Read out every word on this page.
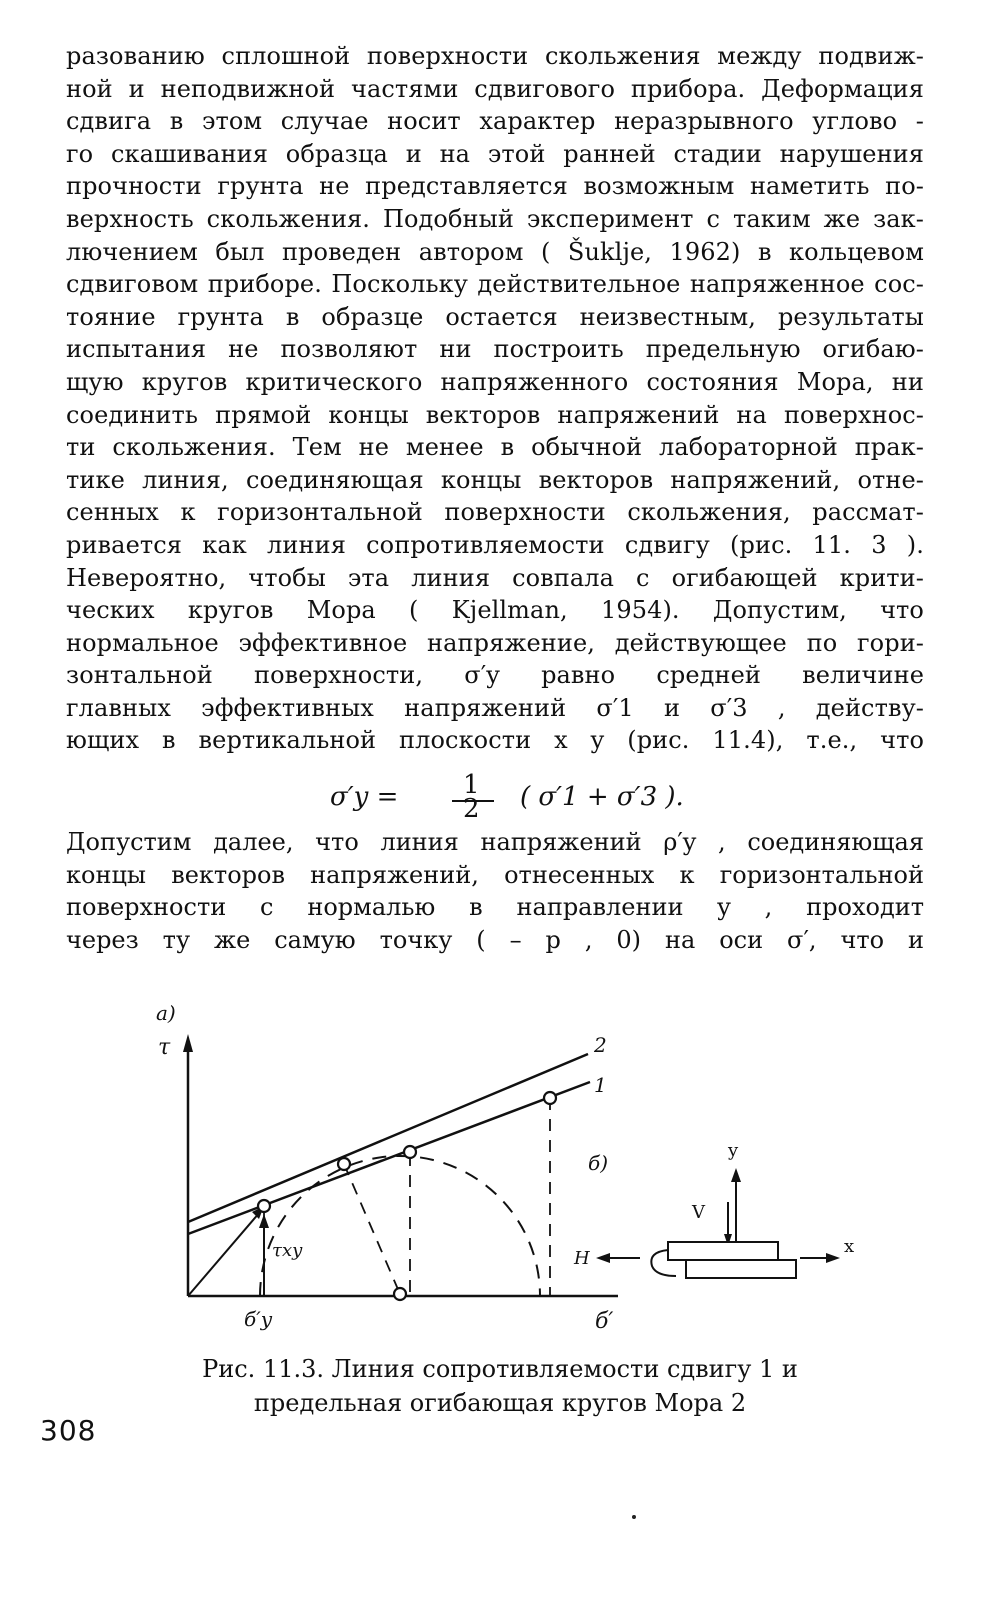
разованию сплошной поверхности скольжения между подвиж-
ной и неподвижной частями сдвигового прибора. Деформация
сдвига в этом случае носит характер неразрывного углово -
го скашивания образца и на этой ранней стадии нарушения
прочности грунта не представляется возможным наметить по-
верхность скольжения. Подобный эксперимент с таким же зак-
лючением был проведен автором ( Šuklje, 1962) в кольцевом
сдвиговом приборе. Поскольку действительное напряженное сос-
тояние грунта в образце остается неизвестным, результаты
испытания не позволяют ни построить предельную огибаю-
щую кругов критического напряженного состояния Мора, ни
соединить прямой концы векторов напряжений на поверхнос-
ти скольжения. Тем не менее в обычной лабораторной прак-
тике линия, соединяющая концы векторов напряжений, отне-
сенных к горизонтальной поверхности скольжения, рассмат-
ривается как линия сопротивляемости сдвигу (рис. 11. 3 ).
Невероятно, чтобы эта линия совпала с огибающей крити-
ческих кругов Мора ( Kjellman, 1954). Допустим, что
нормальное эффективное напряжение, действующее по гори-
зонтальной поверхности, σ′y равно средней величине
главных эффективных напряжений σ′1 и σ′3 , действу-
ющих в вертикальной плоскости x y (рис. 11.4), т.е., что
σ′y = 1
2 ( σ′1 + σ′3 ).
Допустим далее, что линия напряжений ρ′y , соединяющая
концы векторов напряжений, отнесенных к горизонтальной
поверхности с нормалью в направлении y , проходит
через ту же самую точку ( – p , 0) на оси σ′, что и
а)
τ
б′
б′y
2
1
τxy
б)
y
V
H
x
Рис. 11.3. Линия сопротивляемости сдвигу 1 и
предельная огибающая кругов Мора 2
308
